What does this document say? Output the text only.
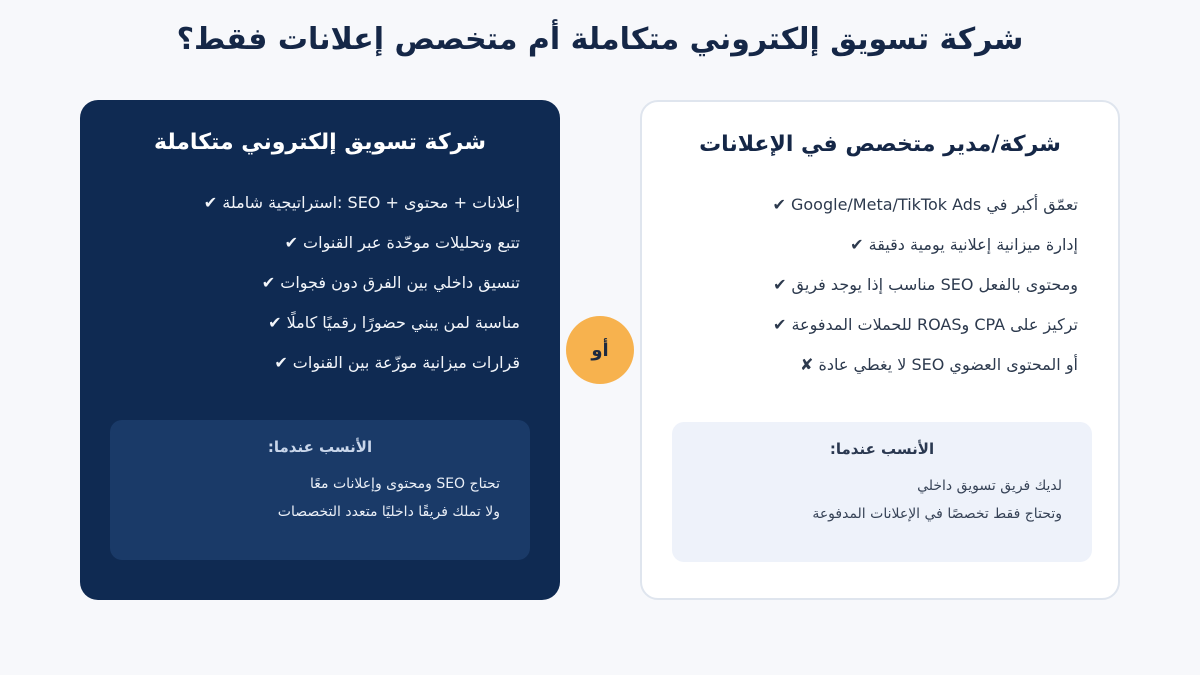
شركة تسويق إلكتروني متكاملة أم متخصص إعلانات فقط؟
شركة تسويق إلكتروني متكاملة
إعلانات + محتوى + SEO :استراتيجية شاملة ✔
تتبع وتحليلات موحّدة عبر القنوات ✔
تنسيق داخلي بين الفرق دون فجوات ✔
مناسبة لمن يبني حضورًا رقميًا كاملًا ✔
قرارات ميزانية موزّعة بين القنوات ✔
الأنسب عندما:
تحتاج SEO ومحتوى وإعلانات معًا
ولا تملك فريقًا داخليًا متعدد التخصصات
أو
شركة/مدير متخصص في الإعلانات
تعمّق أكبر في Google/Meta/TikTok Ads ✔
إدارة ميزانية إعلانية يومية دقيقة ✔
ومحتوى بالفعل SEO مناسب إذا يوجد فريق ✔
تركيز على CPA وROAS للحملات المدفوعة ✔
أو المحتوى العضوي SEO لا يغطي عادة ✘
الأنسب عندما:
لديك فريق تسويق داخلي
وتحتاج فقط تخصصًا في الإعلانات المدفوعة
